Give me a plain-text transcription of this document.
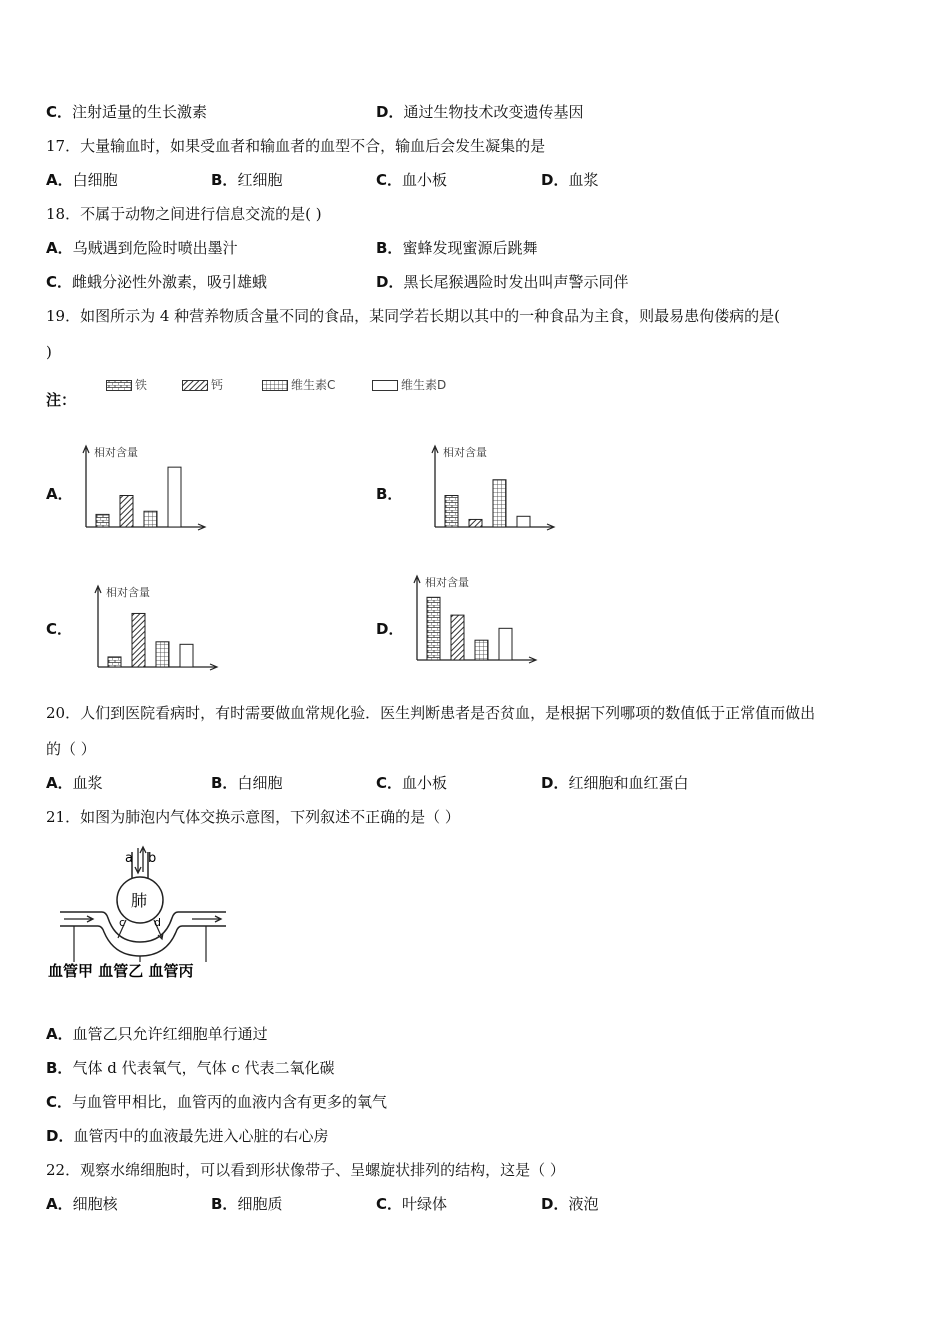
C．注射适量的生长激素	D．通过生物技术改变遗传基因
17．大量输血时，如果受血者和输血者的血型不合，输血后会发生凝集的是
A．白细胞	B．红细胞	C．血小板	D．血浆
18．不属于动物之间进行信息交流的是( )
A．乌贼遇到危险时喷出墨汁	B．蜜蜂发现蜜源后跳舞
C．雌蛾分泌性外激素，吸引雄蛾	D．黑长尾猴遇险时发出叫声警示同伴
19．如图所示为 4 种营养物质含量不同的食品，某同学若长期以其中的一种食品为主食，则最易患佝偻病的是(
)
注：
铁	钙	维生素C	维生素D
A．	B．
C．	D．
相对含量	相对含量
相对含量
相对含量
20．人们到医院看病时，有时需要做血常规化验．医生判断患者是否贫血，是根据下列哪项的数值低于正常值而做出
的（ ）
A．血浆	B．白细胞	C．血小板	D．红细胞和血红蛋白
21．如图为肺泡内气体交换示意图，下列叙述不正确的是（ ）
a b
肺
c	d
血管甲 血管乙 血管丙
A．血管乙只允许红细胞单行通过
B．气体 d 代表氧气，气体 c 代表二氧化碳
C．与血管甲相比，血管丙的血液内含有更多的氧气
D．血管丙中的血液最先进入心脏的右心房
22．观察水绵细胞时，可以看到形状像带子、呈螺旋状排列的结构，这是（ ）
A．细胞核	B．细胞质	C．叶绿体	D．液泡
